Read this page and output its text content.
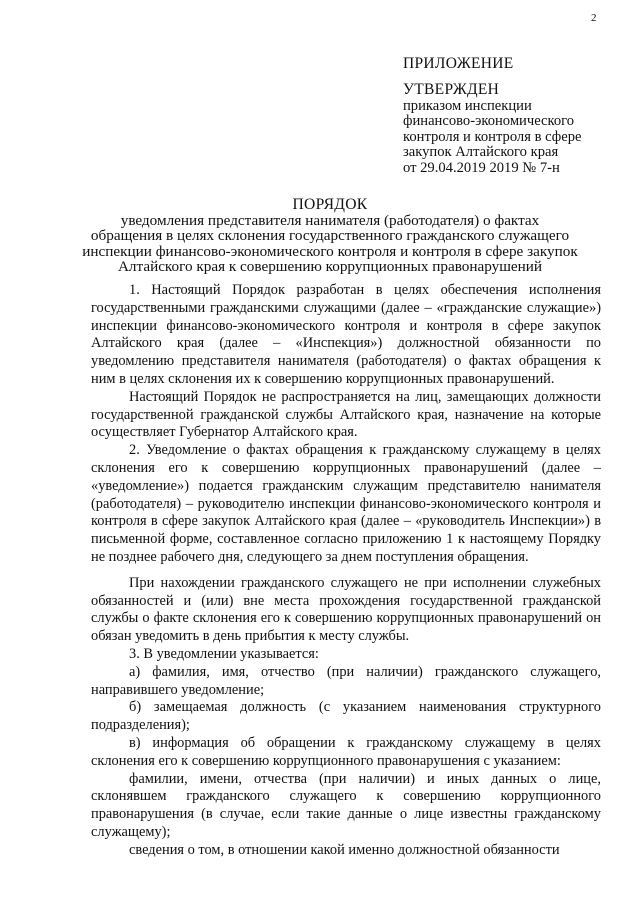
2
ПРИЛОЖЕНИЕ
УТВЕРЖДЕН
приказом инспекции
финансово-экономического
контроля и контроля в сфере
закупок Алтайского края
от 29.04.2019 2019 № 7-н
ПОРЯДОК
уведомления представителя нанимателя (работодателя) о фактах
обращения в целях склонения государственного гражданского служащего
инспекции финансово-экономического контроля и контроля в сфере закупок
Алтайского края к совершению коррупционных правонарушений

1. Настоящий Порядок разработан в целях обеспечения исполнения государственными гражданскими служащими (далее – «гражданские служащие») инспекции финансово-экономического контроля и контроля в сфере закупок Алтайского края (далее – «Инспекция») должностной обязанности по уведомлению представителя нанимателя (работодателя) о фактах обращения к ним в целях склонения их к совершению коррупционных правонарушений.

Настоящий Порядок не распространяется на лиц, замещающих должности государственной гражданской службы Алтайского края, назначение на которые осуществляет Губернатор Алтайского края.

2. Уведомление о фактах обращения к гражданскому служащему в целях склонения его к совершению коррупционных правонарушений (далее – «уведомление») подается гражданским служащим представителю нанимателя (работодателя) – руководителю инспекции финансово-экономического контроля и контроля в сфере закупок Алтайского края (далее – «руководитель Инспекции») в письменной форме, составленное согласно приложению 1 к настоящему Порядку не позднее рабочего дня, следующего за днем поступления обращения.

При нахождении гражданского служащего не при исполнении служебных обязанностей и (или) вне места прохождения государственной гражданской службы о факте склонения его к совершению коррупционных правонарушений он обязан уведомить в день прибытия к месту службы.

3. В уведомлении указывается:

а) фамилия, имя, отчество (при наличии) гражданского служащего, направившего уведомление;

б) замещаемая должность (с указанием наименования структурного подразделения);

в) информация об обращении к гражданскому служащему в целях склонения его к совершению коррупционного правонарушения с указанием:

фамилии, имени, отчества (при наличии) и иных данных о лице, склонявшем гражданского служащего к совершению коррупционного правонарушения (в случае, если такие данные о лице известны гражданскому служащему);

сведения о том, в отношении какой именно должностной обязанности
